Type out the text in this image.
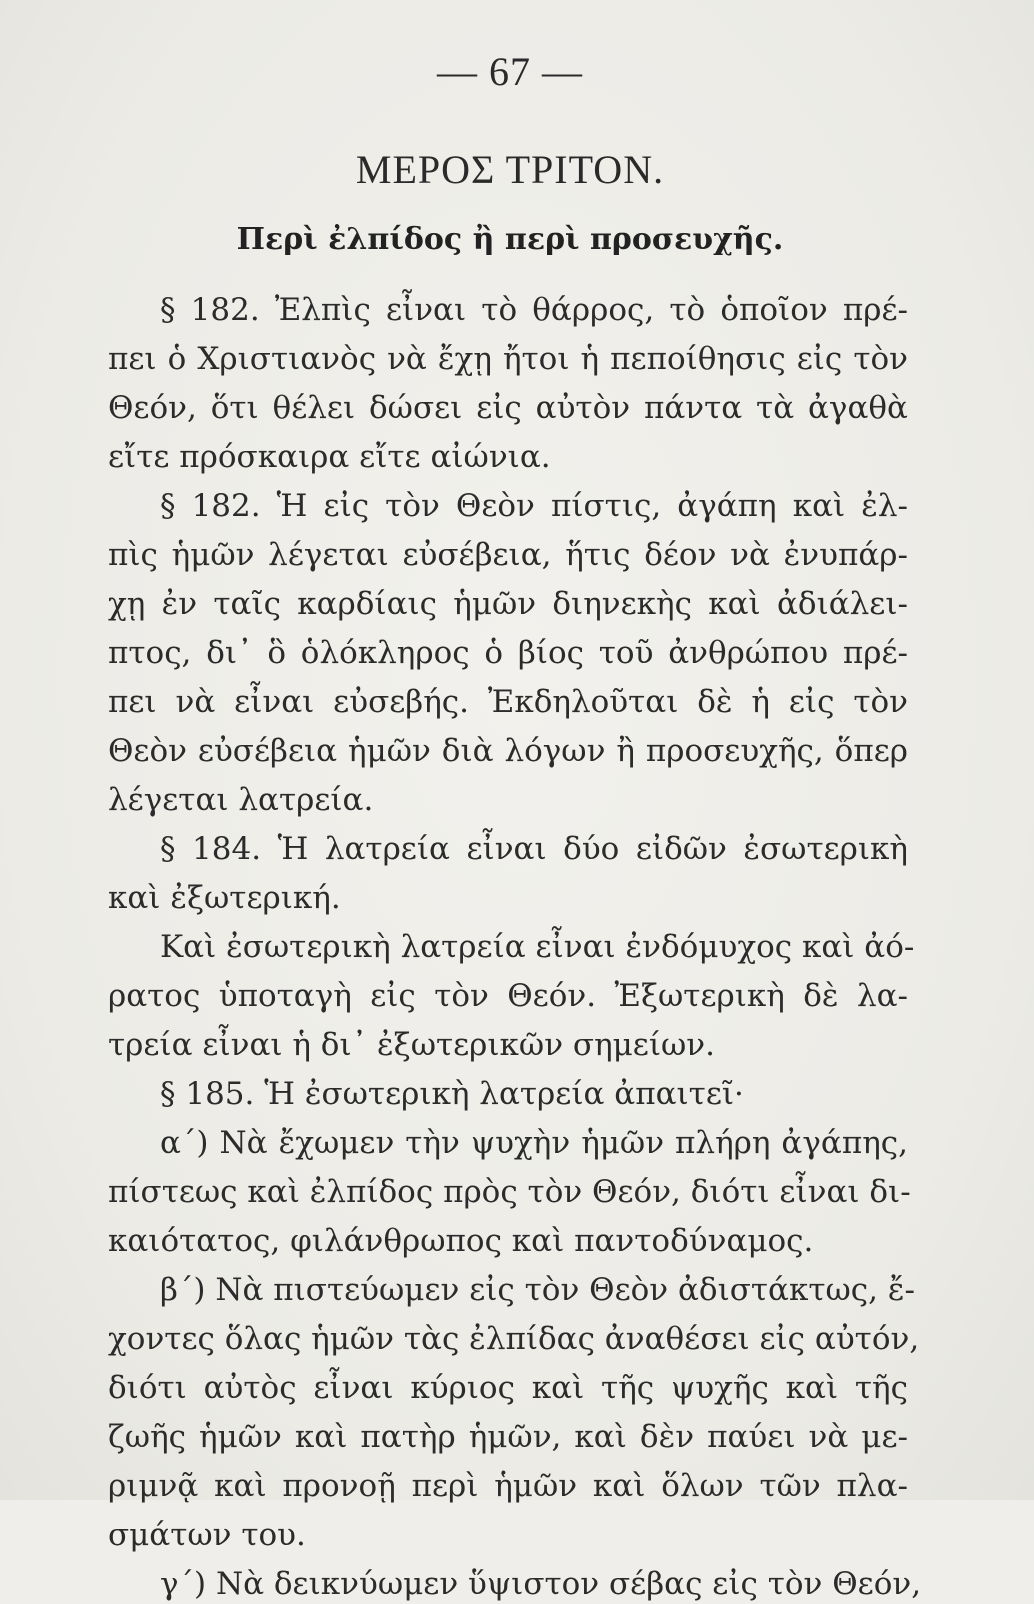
— 67 —
ΜΕΡΟΣ ΤΡΙΤΟΝ.
Περὶ ἐλπίδος ἢ περὶ προσευχῆς.
§ 182. Ἐλπὶς εἶναι τὸ θάρρος, τὸ ὁποῖον πρέ-
πει ὁ Χριστιανὸς νὰ ἔχῃ ἤτοι ἡ πεποίθησις εἰς τὸν
Θεόν, ὅτι θέλει δώσει εἰς αὐτὸν πάντα τὰ ἀγαθὰ
εἴτε πρόσκαιρα εἴτε αἰώνια.
§ 182. Ἡ εἰς τὸν Θεὸν πίστις, ἀγάπη καὶ ἐλ-
πὶς ἡμῶν λέγεται εὐσέβεια, ἥτις δέον νὰ ἐνυπάρ-
χῃ ἐν ταῖς καρδίαις ἡμῶν διηνεκὴς καὶ ἀδιάλει-
πτος, δι᾽ ὃ ὁλόκληρος ὁ βίος τοῦ ἀνθρώπου πρέ-
πει νὰ εἶναι εὐσεβής. Ἐκδηλοῦται δὲ ἡ εἰς τὸν
Θεὸν εὐσέβεια ἡμῶν διὰ λόγων ἢ προσευχῆς, ὅπερ
λέγεται λατρεία.
§ 184. Ἡ λατρεία εἶναι δύο εἰδῶν ἐσωτερικὴ
καὶ ἐξωτερική.
Καὶ ἐσωτερικὴ λατρεία εἶναι ἐνδόμυχος καὶ ἀό-
ρατος ὑποταγὴ εἰς τὸν Θεόν. Ἐξωτερικὴ δὲ λα-
τρεία εἶναι ἡ δι᾽ ἐξωτερικῶν σημείων.
§ 185. Ἡ ἐσωτερικὴ λατρεία ἀπαιτεῖ·
α΄) Νὰ ἔχωμεν τὴν ψυχὴν ἡμῶν πλήρη ἀγάπης,
πίστεως καὶ ἐλπίδος πρὸς τὸν Θεόν, διότι εἶναι δι-
καιότατος, φιλάνθρωπος καὶ παντοδύναμος.
β΄) Νὰ πιστεύωμεν εἰς τὸν Θεὸν ἀδιστάκτως, ἔ-
χοντες ὅλας ἡμῶν τὰς ἐλπίδας ἀναθέσει εἰς αὐτόν,
διότι αὐτὸς εἶναι κύριος καὶ τῆς ψυχῆς καὶ τῆς
ζωῆς ἡμῶν καὶ πατὴρ ἡμῶν, καὶ δὲν παύει νὰ με-
ριμνᾷ καὶ προνοῇ περὶ ἡμῶν καὶ ὅλων τῶν πλα-
σμάτων του.
γ΄) Νὰ δεικνύωμεν ὕψιστον σέβας εἰς τὸν Θεόν,
